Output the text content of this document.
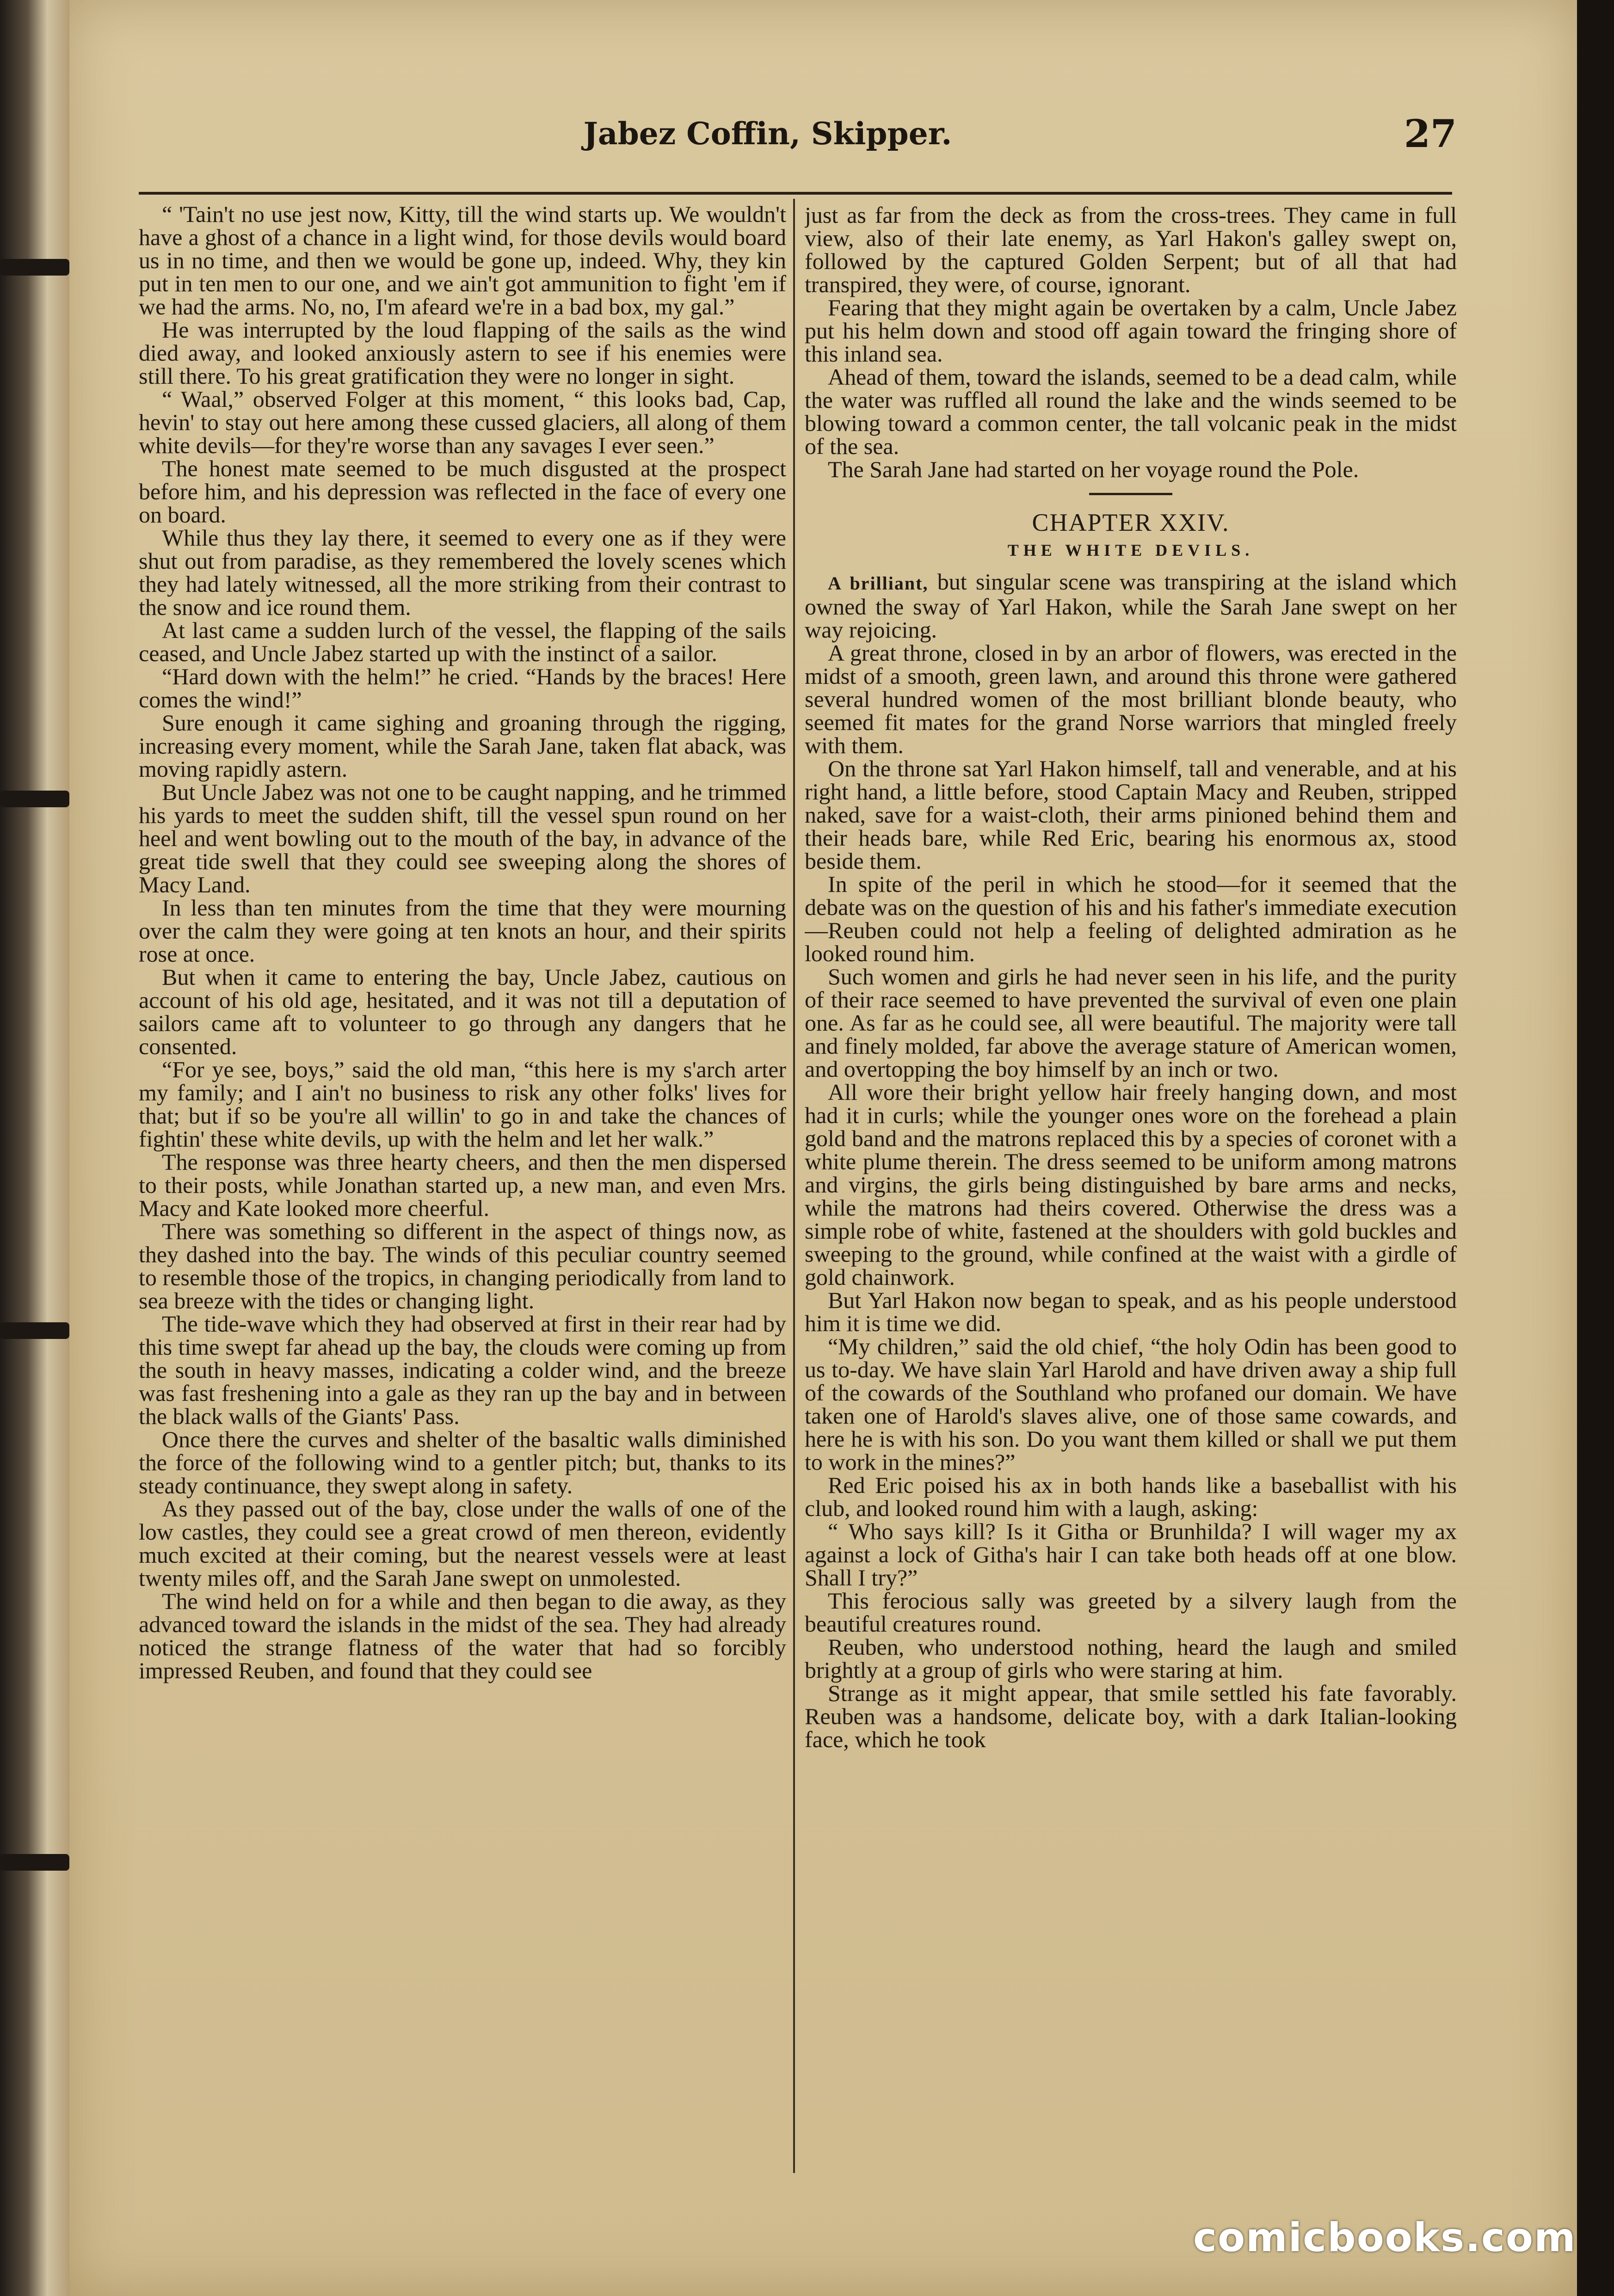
Jabez Coffin, Skipper.	27

“ 'Tain't no use jest now, Kitty, till the wind starts up. We wouldn't have a ghost of a chance in a light wind, for those devils would board us in no time, and then we would be gone up, indeed. Why, they kin put in ten men to our one, and we ain't got ammunition to fight 'em if we had the arms. No, no, I'm afeard we're in a bad box, my gal.”

He was interrupted by the loud flapping of the sails as the wind died away, and looked anxiously astern to see if his enemies were still there. To his great gratification they were no longer in sight.

“ Waal,” observed Folger at this moment, “ this looks bad, Cap, hevin' to stay out here among these cussed glaciers, all along of them white devils—for they're worse than any savages I ever seen.”

The honest mate seemed to be much disgusted at the prospect before him, and his depression was reflected in the face of every one on board.

While thus they lay there, it seemed to every one as if they were shut out from paradise, as they remembered the lovely scenes which they had lately witnessed, all the more striking from their contrast to the snow and ice round them.

At last came a sudden lurch of the vessel, the flapping of the sails ceased, and Uncle Jabez started up with the instinct of a sailor.

“Hard down with the helm!” he cried. “Hands by the braces! Here comes the wind!”

Sure enough it came sighing and groaning through the rigging, increasing every moment, while the Sarah Jane, taken flat aback, was moving rapidly astern.

But Uncle Jabez was not one to be caught napping, and he trimmed his yards to meet the sudden shift, till the vessel spun round on her heel and went bowling out to the mouth of the bay, in advance of the great tide swell that they could see sweeping along the shores of Macy Land.

In less than ten minutes from the time that they were mourning over the calm they were going at ten knots an hour, and their spirits rose at once.

But when it came to entering the bay, Uncle Jabez, cautious on account of his old age, hesitated, and it was not till a deputation of sailors came aft to volunteer to go through any dangers that he consented.

“For ye see, boys,” said the old man, “this here is my s'arch arter my family; and I ain't no business to risk any other folks' lives for that; but if so be you're all willin' to go in and take the chances of fightin' these white devils, up with the helm and let her walk.”

The response was three hearty cheers, and then the men dispersed to their posts, while Jonathan started up, a new man, and even Mrs. Macy and Kate looked more cheerful.

There was something so different in the aspect of things now, as they dashed into the bay. The winds of this peculiar country seemed to resemble those of the tropics, in changing periodically from land to sea breeze with the tides or changing light.

The tide-wave which they had observed at first in their rear had by this time swept far ahead up the bay, the clouds were coming up from the south in heavy masses, indicating a colder wind, and the breeze was fast freshening into a gale as they ran up the bay and in between the black walls of the Giants' Pass.

Once there the curves and shelter of the basaltic walls diminished the force of the following wind to a gentler pitch; but, thanks to its steady continuance, they swept along in safety.

As they passed out of the bay, close under the walls of one of the low castles, they could see a great crowd of men thereon, evidently much excited at their coming, but the nearest vessels were at least twenty miles off, and the Sarah Jane swept on unmolested.

The wind held on for a while and then began to die away, as they advanced toward the islands in the midst of the sea. They had already noticed the strange flatness of the water that had so forcibly impressed Reuben, and found that they could see

just as far from the deck as from the cross-trees. They came in full view, also of their late enemy, as Yarl Hakon's galley swept on, followed by the captured Golden Serpent; but of all that had transpired, they were, of course, ignorant.

Fearing that they might again be overtaken by a calm, Uncle Jabez put his helm down and stood off again toward the fringing shore of this inland sea.

Ahead of them, toward the islands, seemed to be a dead calm, while the water was ruffled all round the lake and the winds seemed to be blowing toward a common center, the tall volcanic peak in the midst of the sea.

The Sarah Jane had started on her voyage round the Pole.

CHAPTER XXIV.
THE WHITE DEVILS.

A brilliant, but singular scene was transpiring at the island which owned the sway of Yarl Hakon, while the Sarah Jane swept on her way rejoicing.

A great throne, closed in by an arbor of flowers, was erected in the midst of a smooth, green lawn, and around this throne were gathered several hundred women of the most brilliant blonde beauty, who seemed fit mates for the grand Norse warriors that mingled freely with them.

On the throne sat Yarl Hakon himself, tall and venerable, and at his right hand, a little before, stood Captain Macy and Reuben, stripped naked, save for a waist-cloth, their arms pinioned behind them and their heads bare, while Red Eric, bearing his enormous ax, stood beside them.

In spite of the peril in which he stood—for it seemed that the debate was on the question of his and his father's immediate execution—Reuben could not help a feeling of delighted admiration as he looked round him.

Such women and girls he had never seen in his life, and the purity of their race seemed to have prevented the survival of even one plain one. As far as he could see, all were beautiful. The majority were tall and finely molded, far above the average stature of American women, and overtopping the boy himself by an inch or two.

All wore their bright yellow hair freely hanging down, and most had it in curls; while the younger ones wore on the forehead a plain gold band and the matrons replaced this by a species of coronet with a white plume therein. The dress seemed to be uniform among matrons and virgins, the girls being distinguished by bare arms and necks, while the matrons had theirs covered. Otherwise the dress was a simple robe of white, fastened at the shoulders with gold buckles and sweeping to the ground, while confined at the waist with a girdle of gold chainwork.

But Yarl Hakon now began to speak, and as his people understood him it is time we did.

“My children,” said the old chief, “the holy Odin has been good to us to-day. We have slain Yarl Harold and have driven away a ship full of the cowards of the Southland who profaned our domain. We have taken one of Harold's slaves alive, one of those same cowards, and here he is with his son. Do you want them killed or shall we put them to work in the mines?”

Red Eric poised his ax in both hands like a baseballist with his club, and looked round him with a laugh, asking:

“ Who says kill? Is it Githa or Brunhilda? I will wager my ax against a lock of Githa's hair I can take both heads off at one blow. Shall I try?”

This ferocious sally was greeted by a silvery laugh from the beautiful creatures round.

Reuben, who understood nothing, heard the laugh and smiled brightly at a group of girls who were staring at him.

Strange as it might appear, that smile settled his fate favorably. Reuben was a handsome, delicate boy, with a dark Italian-looking face, which he took

comicbooks.com
